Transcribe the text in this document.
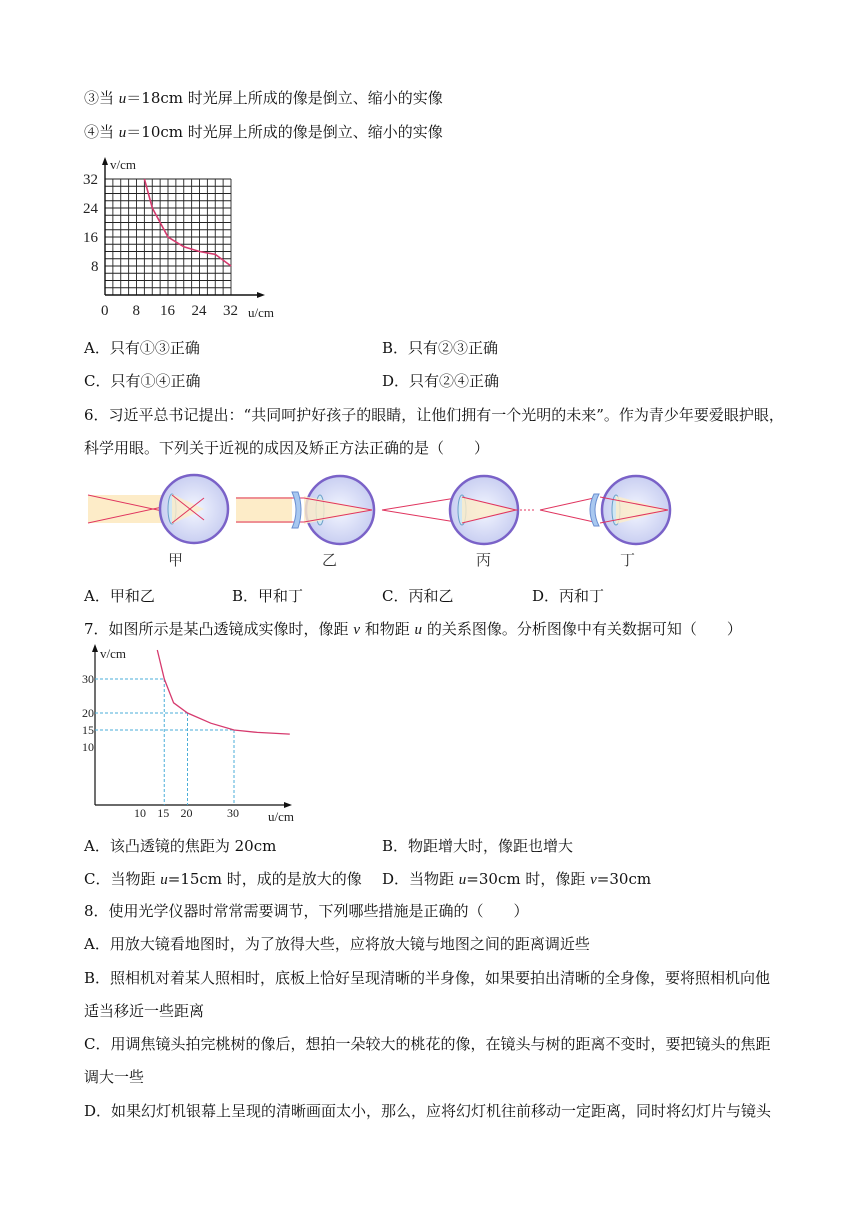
③当 u＝18cm 时光屏上所成的像是倒立、缩小的实像
④当 u＝10cm 时光屏上所成的像是倒立、缩小的实像
0 8 16 24 32
8
16
24
32
v/cm
u/cm
A．只有①③正确	B．只有②③正确
C．只有①④正确	D．只有②④正确
6．习近平总书记提出：“共同呵护好孩子的眼睛，让他们拥有一个光明的未来”。作为青少年要爱眼护眼，
科学用眼。下列关于近视的成因及矫正方法正确的是（　　）
甲	乙	丙	丁
A．甲和乙	B．甲和丁	C．丙和乙	D．丙和丁
7．如图所示是某凸透镜成实像时，像距 v 和物距 u 的关系图像。分析图像中有关数据可知（　　）
10 15 20	30
10
15
20
30
v/cm
u/cm
A．该凸透镜的焦距为 20cm	B．物距增大时，像距也增大
C．当物距 u=15cm 时，成的是放大的像 D．当物距 u=30cm 时，像距 v=30cm
8．使用光学仪器时常常需要调节，下列哪些措施是正确的（　　）
A．用放大镜看地图时，为了放得大些，应将放大镜与地图之间的距离调近些
B．照相机对着某人照相时，底板上恰好呈现清晰的半身像，如果要拍出清晰的全身像，要将照相机向他
适当移近一些距离
C．用调焦镜头拍完桃树的像后，想拍一朵较大的桃花的像，在镜头与树的距离不变时，要把镜头的焦距
调大一些
D．如果幻灯机银幕上呈现的清晰画面太小，那么，应将幻灯机往前移动一定距离，同时将幻灯片与镜头
